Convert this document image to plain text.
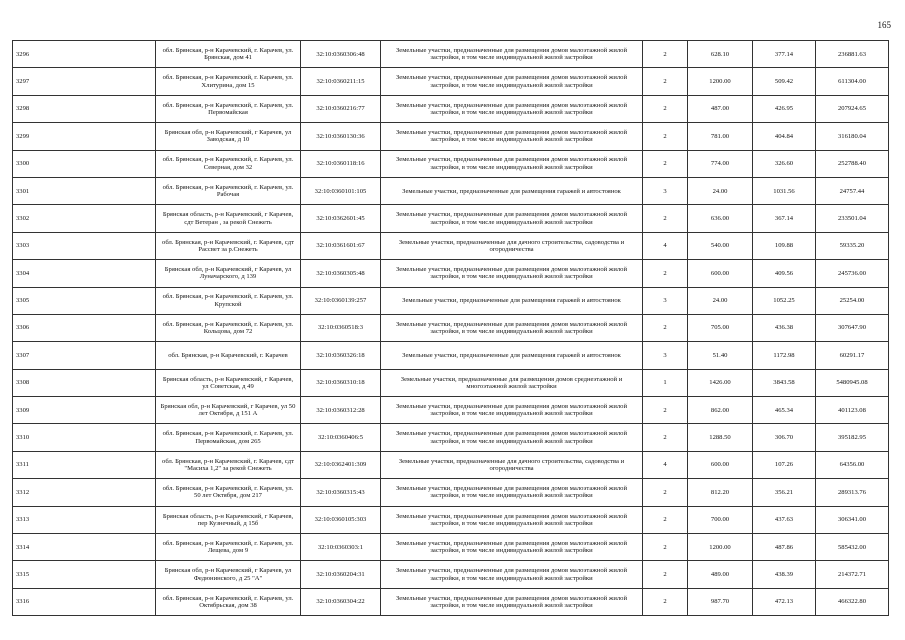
165
3296	обл. Брянская, р-н Карачевский, г. Карачев, ул. Брянская, дом 41	32:10:0360306:48	Земельные участки, предназначенные для размещения домов малоэтажной жилой застройки, в том числе индивидуальной жилой застройки	2	628.10	377.14	236881.63
3297	обл. Брянская, р-н Карачевский, г. Карачев, ул. Хлитурина, дом 15	32:10:0360211:15	Земельные участки, предназначенные для размещения домов малоэтажной жилой застройки, в том числе индивидуальной жилой застройки	2	1200.00	509.42	611304.00
3298	обл. Брянская, р-н Карачевский, г. Карачев, ул. Первомайская	32:10:0360216:77	Земельные участки, предназначенные для размещения домов малоэтажной жилой застройки, в том числе индивидуальной жилой застройки	2	487.00	426.95	207924.65
3299	Брянская обл, р-н Карачевский, г Карачев, ул Заводская, д 10	32:10:0360130:36	Земельные участки, предназначенные для размещения домов малоэтажной жилой застройки, в том числе индивидуальной жилой застройки	2	781.00	404.84	316180.04
3300	обл. Брянская, р-н Карачевский, г. Карачев, ул. Северная, дом 32	32:10:0360118:16	Земельные участки, предназначенные для размещения домов малоэтажной жилой застройки, в том числе индивидуальной жилой застройки	2	774.00	326.60	252788.40
3301	обл. Брянская, р-н Карачевский, г. Карачев, ул. Рабочая	32:10:0360101:105	Земельные участки, предназначенные для размещения гаражей и автостоянок	3	24.00	1031.56	24757.44
3302	Брянская область, р-н Карачевский, г Карачев, сдт Ветеран , за рекой Снежеть	32:10:0362601:45	Земельные участки, предназначенные для размещения домов малоэтажной жилой застройки, в том числе индивидуальной жилой застройки	2	636.00	367.14	233501.04
3303	обл. Брянская, р-н Карачевский, г. Карачев, сдт Рассвет за р.Снежеть	32:10:0361601:67	Земельные участки, предназначенные для дачного строительства, садоводства и огородничества	4	540.00	109.88	59335.20
3304	Брянская обл, р-н Карачевский, г Карачев, ул Луначарского, д 139	32:10:0360305:48	Земельные участки, предназначенные для размещения домов малоэтажной жилой застройки, в том числе индивидуальной жилой застройки	2	600.00	409.56	245736.00
3305	обл. Брянская, р-н Карачевский, г. Карачев, ул. Крупской	32:10:0360139:257	Земельные участки, предназначенные для размещения гаражей и автостоянок	3	24.00	1052.25	25254.00
3306	обл. Брянская, р-н Карачевский, г. Карачев, ул. Кольцова, дом 72	32:10:0360518:3	Земельные участки, предназначенные для размещения домов малоэтажной жилой застройки, в том числе индивидуальной жилой застройки	2	705.00	436.38	307647.90
3307	обл. Брянская, р-н Карачевский, г. Карачев	32:10:0360326:18	Земельные участки, предназначенные для размещения гаражей и автостоянок	3	51.40	1172.98	60291.17
3308	Брянская область, р-н Карачевский, г Карачев, ул Советская, д 49	32:10:0360310:18	Земельные участки, предназначенные для размещения домов среднеэтажной и многоэтажной жилой застройки	1	1426.00	3843.58	5480945.08
3309	Брянская обл, р-н Карачевский, г Карачев, ул 50 лет Октября, д 151 А	32:10:0360312:28	Земельные участки, предназначенные для размещения домов малоэтажной жилой застройки, в том числе индивидуальной жилой застройки	2	862.00	465.34	401123.08
3310	обл. Брянская, р-н Карачевский, г. Карачев, ул. Первомайская, дом 265	32:10:0360406:5	Земельные участки, предназначенные для размещения домов малоэтажной жилой застройки, в том числе индивидуальной жилой застройки	2	1288.50	306.70	395182.95
3311	обл. Брянская, р-н Карачевский, г. Карачев, сдт "Масиха 1,2" за рекой Снежеть	32:10:0362401:309	Земельные участки, предназначенные для дачного строительства, садоводства и огородничества	4	600.00	107.26	64356.00
3312	обл. Брянская, р-н Карачевский, г. Карачев, ул. 50 лет Октября, дом 217	32:10:0360315:43	Земельные участки, предназначенные для размещения домов малоэтажной жилой застройки, в том числе индивидуальной жилой застройки	2	812.20	356.21	289313.76
3313	Брянская область, р-н Карачевский, г Карачев, пер Кузнечный, д 15б	32:10:0360105:303	Земельные участки, предназначенные для размещения домов малоэтажной жилой застройки, в том числе индивидуальной жилой застройки	2	700.00	437.63	306341.00
3314	обл. Брянская, р-н Карачевский, г. Карачев, ул. Лещева, дом 9	32:10:0360303:1	Земельные участки, предназначенные для размещения домов малоэтажной жилой застройки, в том числе индивидуальной жилой застройки	2	1200.00	487.86	585432.00
3315	Брянская обл, р-н Карачевский, г Карачев, ул Федюнинского, д 25 "А"	32:10:0360204:31	Земельные участки, предназначенные для размещения домов малоэтажной жилой застройки, в том числе индивидуальной жилой застройки	2	489.00	438.39	214372.71
3316	обл. Брянская, р-н Карачевский, г. Карачев, ул. Октябрьская, дом 38	32:10:0360304:22	Земельные участки, предназначенные для размещения домов малоэтажной жилой застройки, в том числе индивидуальной жилой застройки	2	987.70	472.13	466322.80
